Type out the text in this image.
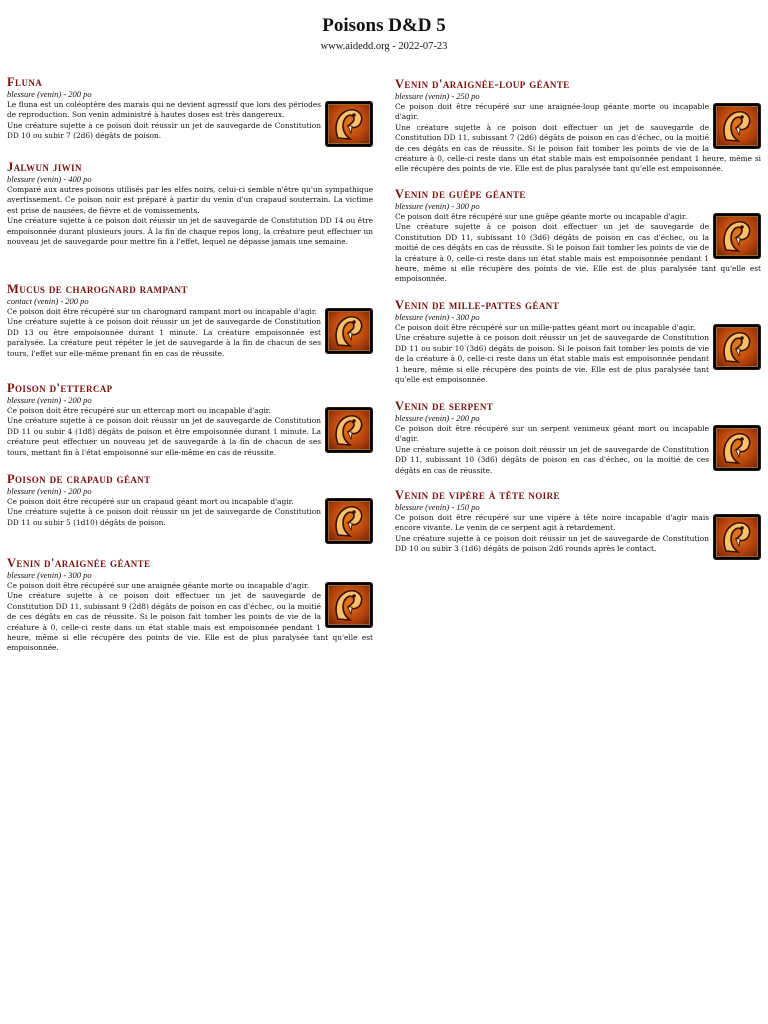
Poisons D&D 5
www.aidedd.org - 2022-07-23
Fluna
blessure (venin) - 200 po

Le fluna est un coléoptère des marais qui ne devient agressif que lors des périodes de reproduction. Son venin administré à hautes doses est très dangereux.

Une créature sujette à ce poison doit réussir un jet de sauvegarde de Constitution DD 10 ou subir 7 (2d6) dégâts de poison.

Jalwun jiwin
blessure (venin) - 400 po

Comparé aux autres poisons utilisés par les elfes noirs, celui-ci semble n'être qu'un sympathique avertissement. Ce poison noir est préparé à partir du venin d'un crapaud souterrain. La victime est prise de nausées, de fièvre et de vomissements.

Une créature sujette à ce poison doit réussir un jet de sauvegarde de Constitution DD 14 ou être empoisonnée durant plusieurs jours. À la fin de chaque repos long, la créature peut effectuer un nouveau jet de sauvegarde pour mettre fin à l'effet, lequel ne dépasse jamais une semaine.

Mucus de charognard rampant
contact (venin) - 200 po

Ce poison doit être récupéré sur un charognard rampant mort ou incapable d'agir.

Une créature sujette à ce poison doit réussir un jet de sauvegarde de Constitution DD 13 ou être empoisonnée durant 1 minute. La créature empoisonnée est paralysée. La créature peut répéter le jet de sauvegarde à la fin de chacun de ses tours, l'effet sur elle-même prenant fin en cas de réussite.

Poison d'ettercap
blessure (venin) - 200 po

Ce poison doit être récupéré sur un ettercap mort ou incapable d'agir.

Une créature sujette à ce poison doit réussir un jet de sauvegarde de Constitution DD 11 ou subir 4 (1d8) dégâts de poison et être empoisonnée durant 1 minute. La créature peut effectuer un nouveau jet de sauvegarde à la fin de chacun de ses tours, mettant fin à l'état empoisonné sur elle-même en cas de réussite.

Poison de crapaud géant
blessure (venin) - 200 po

Ce poison doit être récupéré sur un crapaud géant mort ou incapable d'agir.

Une créature sujette à ce poison doit réussir un jet de sauvegarde de Constitution DD 11 ou subir 5 (1d10) dégâts de poison.

Venin d'araignée géante
blessure (venin) - 300 po

Ce poison doit être récupéré sur une araignée géante morte ou incapable d'agir.

Une créature sujette à ce poison doit effectuer un jet de sauvegarde de Constitution DD 11, subissant 9 (2d8) dégâts de poison en cas d'échec, ou la moitié de ces dégâts en cas de réussite. Si le poison fait tomber les points de vie de la créature à 0, celle-ci reste dans un état stable mais est empoisonnée pendant 1 heure, même si elle récupère des points de vie. Elle est de plus paralysée tant qu'elle est empoisonnée.

Venin d'araignée-loup géante
blessure (venin) - 250 po

Ce poison doit être récupéré sur une araignée-loup géante morte ou incapable d'agir.

Une créature sujette à ce poison doit effectuer un jet de sauvegarde de Constitution DD 11, subissant 7 (2d6) dégâts de poison en cas d'échec, ou la moitié de ces dégâts en cas de réussite. Si le poison fait tomber les points de vie de la créature à 0, celle-ci reste dans un état stable mais est empoisonnée pendant 1 heure, même si elle récupère des points de vie. Elle est de plus paralysée tant qu'elle est empoisonnée.

Venin de guêpe géante
blessure (venin) - 300 po

Ce poison doit être récupéré sur une guêpe géante morte ou incapable d'agir.

Une créature sujette à ce poison doit effectuer un jet de sauvegarde de Constitution DD 11, subissant 10 (3d6) dégâts de poison en cas d'échec, ou la moitié de ces dégâts en cas de réussite. Si le poison fait tomber les points de vie de la créature à 0, celle-ci reste dans un état stable mais est empoisonnée pendant 1 heure, même si elle récupère des points de vie. Elle est de plus paralysée tant qu'elle est empoisonnée.

Venin de mille-pattes géant
blessure (venin) - 300 po

Ce poison doit être récupéré sur un mille-pattes géant mort ou incapable d'agir.

Une créature sujette à ce poison doit réussir un jet de sauvegarde de Constitution DD 11 ou subir 10 (3d6) dégâts de poison. Si le poison fait tomber les points de vie de la créature à 0, celle-ci reste dans un état stable mais est empoisonnée pendant 1 heure, même si elle récupère des points de vie. Elle est de plus paralysée tant qu'elle est empoisonnée.

Venin de serpent
blessure (venin) - 200 po

Ce poison doit être récupéré sur un serpent venimeux géant mort ou incapable d'agir.

Une créature sujette à ce poison doit réussir un jet de sauvegarde de Constitution DD 11, subissant 10 (3d6) dégâts de poison en cas d'échec, ou la moitié de ces dégâts en cas de réussite.

Venin de vipère à tête noire
blessure (venin) - 150 po

Ce poison doit être récupéré sur une vipère à tête noire incapable d'agir mais encore vivante. Le venin de ce serpent agit à retardement.

Une créature sujette à ce poison doit réussir un jet de sauvegarde de Constitution DD 10 ou subir 3 (1d6) dégâts de poison 2d6 rounds après le contact.
